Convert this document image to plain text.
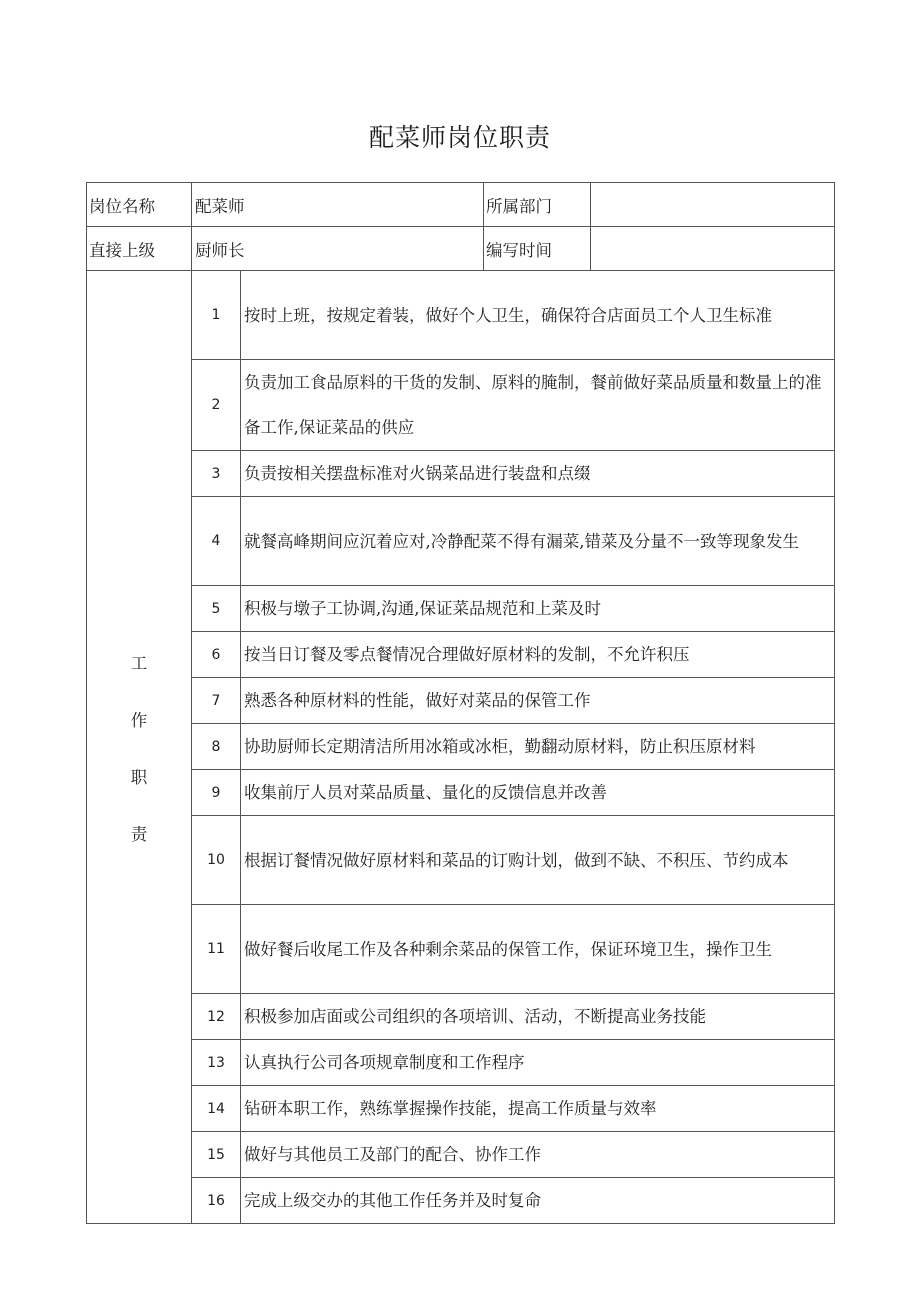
配菜师岗位职责
岗位名称	配菜师		所属部门	
直接上级	厨师长		编写时间	

工
作
职
责	1	按时上班，按规定着装，做好个人卫生，确保符合店面员工个人卫生标准		
	2	负责加工食品原料的干货的发制、原料的腌制，餐前做好菜品质量和数量上的准备工作,保证菜品的供应		
	3	负责按相关摆盘标准对火锅菜品进行装盘和点缀		
	4	就餐高峰期间应沉着应对,冷静配菜不得有漏菜,错菜及分量不一致等现象发生		
	5	积极与墩子工协调,沟通,保证菜品规范和上菜及时		
	6	按当日订餐及零点餐情况合理做好原材料的发制，不允许积压		
	7	熟悉各种原材料的性能，做好对菜品的保管工作		
	8	协助厨师长定期清洁所用冰箱或冰柜，勤翻动原材料，防止积压原材料		
	9	收集前厅人员对菜品质量、量化的反馈信息并改善		
	10	根据订餐情况做好原材料和菜品的订购计划，做到不缺、不积压、节约成本		
	11	做好餐后收尾工作及各种剩余菜品的保管工作，保证环境卫生，操作卫生		
	12	积极参加店面或公司组织的各项培训、活动，不断提高业务技能		
	13	认真执行公司各项规章制度和工作程序		
	14	钻研本职工作，熟练掌握操作技能，提高工作质量与效率		
	15	做好与其他员工及部门的配合、协作工作		
	16	完成上级交办的其他工作任务并及时复命		
